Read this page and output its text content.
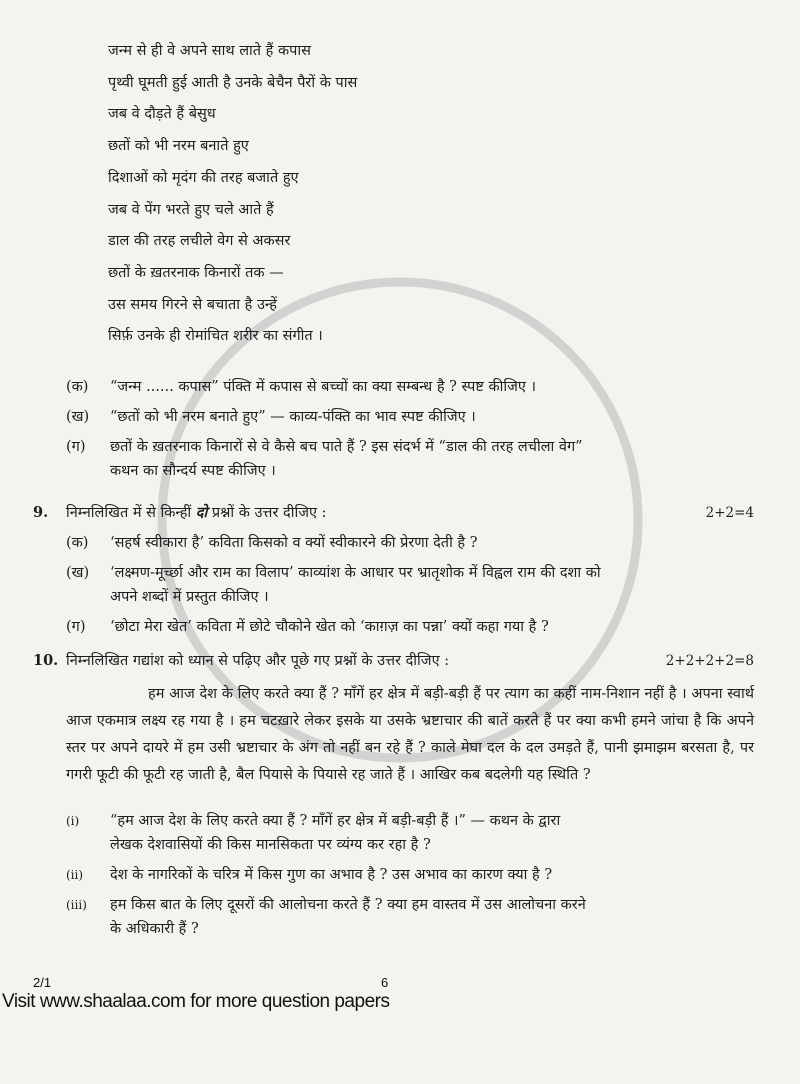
जन्म से ही वे अपने साथ लाते हैं कपास
पृथ्वी घूमती हुई आती है उनके बेचैन पैरों के पास
जब वे दौड़ते हैं बेसुध
छतों को भी नरम बनाते हुए
दिशाओं को मृदंग की तरह बजाते हुए
जब वे पेंग भरते हुए चले आते हैं
डाल की तरह लचीले वेग से अकसर
छतों के ख़तरनाक किनारों तक —
उस समय गिरने से बचाता है उन्हें
सिर्फ़ उनके ही रोमांचित शरीर का संगीत ।
(क)	“जन्म ...... कपास” पंक्ति में कपास से बच्चों का क्या सम्बन्ध है ? स्पष्ट कीजिए ।
(ख)	“छतों को भी नरम बनाते हुए” — काव्य-पंक्ति का भाव स्पष्ट कीजिए ।
(ग)	छतों के ख़तरनाक किनारों से वे कैसे बच पाते हैं ? इस संदर्भ में “डाल की तरह लचीला वेग”
कथन का सौन्दर्य स्पष्ट कीजिए ।
9.	निम्नलिखित में से किन्हीं दो प्रश्नों के उत्तर दीजिए :	2+2=4
(क)	‘सहर्ष स्वीकारा है’ कविता किसको व क्यों स्वीकारने की प्रेरणा देती है ?
(ख)	‘लक्ष्मण-मूर्च्छा और राम का विलाप’ काव्यांश के आधार पर भ्रातृशोक में विह्वल राम की दशा को
अपने शब्दों में प्रस्तुत कीजिए ।
(ग)	‘छोटा मेरा खेत’ कविता में छोटे चौकोने खेत को ‘काग़ज़ का पन्ना’ क्यों कहा गया है ?
10. निम्नलिखित गद्यांश को ध्यान से पढ़िए और पूछे गए प्रश्नों के उत्तर दीजिए :	2+2+2+2=8

हम आज देश के लिए करते क्या हैं ? माँगें हर क्षेत्र में बड़ी-बड़ी हैं पर त्याग का कहीं नाम-निशान नहीं है । अपना स्वार्थ आज एकमात्र लक्ष्य रह गया है । हम चटख़ारे लेकर इसके या उसके भ्रष्टाचार की बातें करते हैं पर क्या कभी हमने जांचा है कि अपने स्तर पर अपने दायरे में हम उसी भ्रष्टाचार के अंग तो नहीं बन रहे हैं ? काले मेघा दल के दल उमड़ते हैं, पानी झमाझम बरसता है, पर गगरी फूटी की फूटी रह जाती है, बैल पियासे के पियासे रह जाते हैं । आखिर कब बदलेगी यह स्थिति ?

(i)	“हम आज देश के लिए करते क्या हैं ? माँगें हर क्षेत्र में बड़ी-बड़ी हैं ।” — कथन के द्वारा
लेखक देशवासियों की किस मानसिकता पर व्यंग्य कर रहा है ?
(ii)	देश के नागरिकों के चरित्र में किस गुण का अभाव है ? उस अभाव का कारण क्या है ?
(iii)	हम किस बात के लिए दूसरों की आलोचना करते हैं ? क्या हम वास्तव में उस आलोचना करने
के अधिकारी हैं ?
2/1	6
Visit www.shaalaa.com for more question papers
